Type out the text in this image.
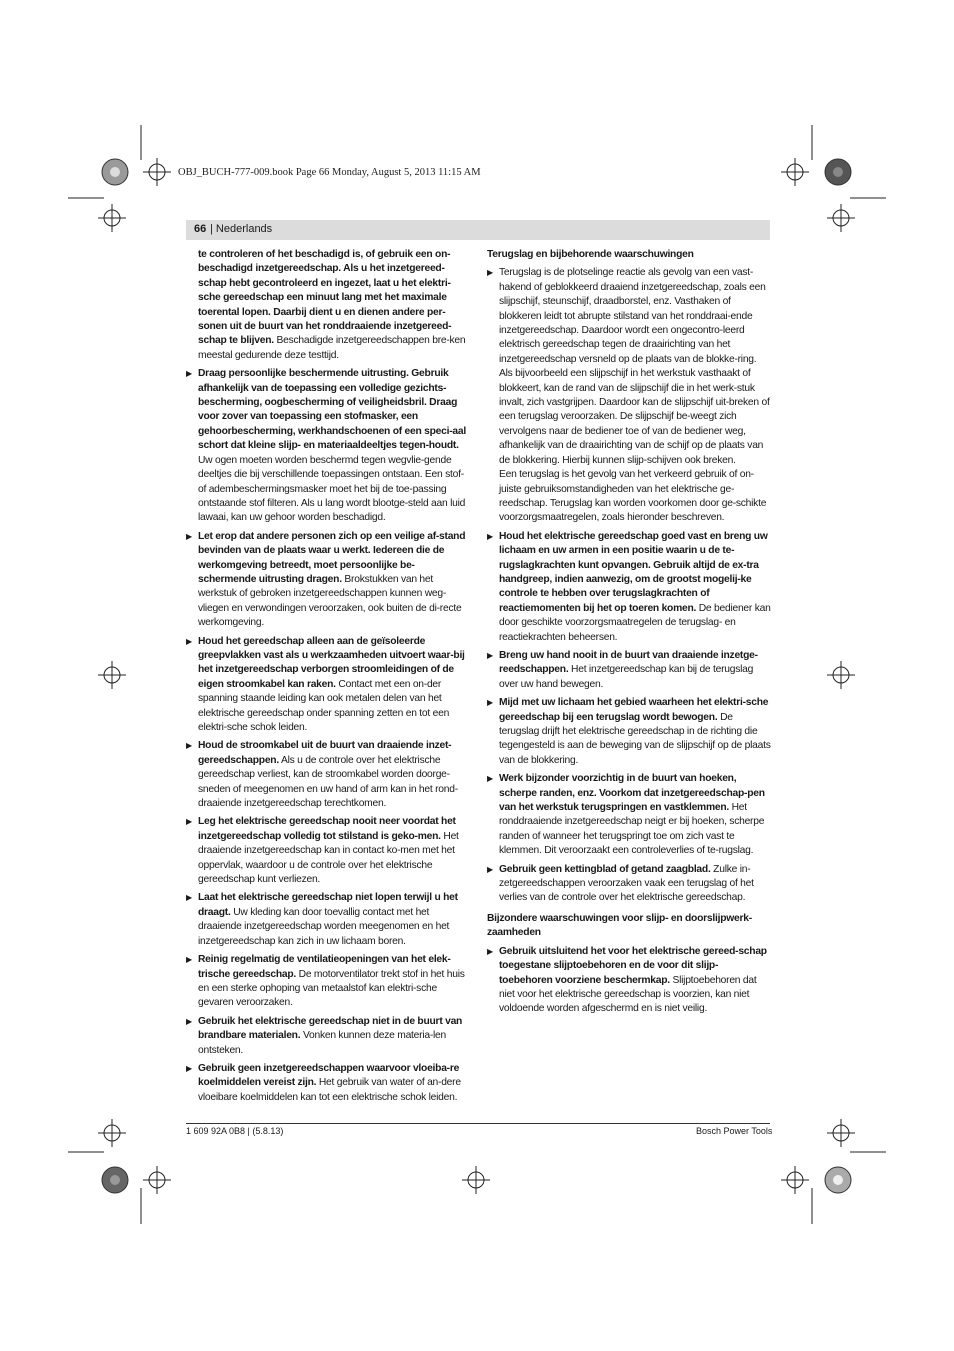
OBJ_BUCH-777-009.book Page 66 Monday, August 5, 2013 11:15 AM
66 | Nederlands
te controleren of het beschadigd is, of gebruik een on-beschadigd inzetgereedschap. Als u het inzetgereed-schap hebt gecontroleerd en ingezet, laat u het elektri-sche gereedschap een minuut lang met het maximale toerental lopen. Daarbij dient u en dienen andere per-sonen uit de buurt van het ronddraaiende inzetgereed-schap te blijven. Beschadigde inzetgereedschappen bre-ken meestal gedurende deze testtijd.
▶ Draag persoonlijke beschermende uitrusting. Gebruik afhankelijk van de toepassing een volledige gezichts-bescherming, oogbescherming of veiligheidsbril. Draag voor zover van toepassing een stofmasker, een gehoorbescherming, werkhandschoenen of een speci-aal schort dat kleine slijp- en materiaaldeeltjes tegen-houdt. Uw ogen moeten worden beschermd tegen wegvlie-gende deeltjes die bij verschillende toepassingen ontstaan. Een stof- of adembeschermingsmasker moet het bij de toe-passing ontstaande stof filteren. Als u lang wordt blootge-steld aan luid lawaai, kan uw gehoor worden beschadigd.
▶ Let erop dat andere personen zich op een veilige af-stand bevinden van de plaats waar u werkt. Iedereen die de werkomgeving betreedt, moet persoonlijke be-schermende uitrusting dragen. Brokstukken van het werkstuk of gebroken inzetgereedschappen kunnen weg-vliegen en verwondingen veroorzaken, ook buiten de di-recte werkomgeving.
▶ Houd het gereedschap alleen aan de geïsoleerde greepvlakken vast als u werkzaamheden uitvoert waar-bij het inzetgereedschap verborgen stroomleidingen of de eigen stroomkabel kan raken. Contact met een on-der spanning staande leiding kan ook metalen delen van het elektrische gereedschap onder spanning zetten en tot een elektri-sche schok leiden.
▶ Houd de stroomkabel uit de buurt van draaiende inzet-gereedschappen. Als u de controle over het elektrische gereedschap verliest, kan de stroomkabel worden doorge-sneden of meegenomen en uw hand of arm kan in het rond-draaiende inzetgereedschap terechtkomen.
▶ Leg het elektrische gereedschap nooit neer voordat het inzetgereedschap volledig tot stilstand is geko-men. Het draaiende inzetgereedschap kan in contact ko-men met het oppervlak, waardoor u de controle over het elektrische gereedschap kunt verliezen.
▶ Laat het elektrische gereedschap niet lopen terwijl u het draagt. Uw kleding kan door toevallig contact met het draaiende inzetgereedschap worden meegenomen en het inzetgereedschap kan zich in uw lichaam boren.
▶ Reinig regelmatig de ventilatieopeningen van het elek-trische gereedschap. De motorventilator trekt stof in het huis en een sterke ophoping van metaalstof kan elektri-sche gevaren veroorzaken.
▶ Gebruik het elektrische gereedschap niet in de buurt van brandbare materialen. Vonken kunnen deze materia-len ontsteken.
▶ Gebruik geen inzetgereedschappen waarvoor vloeiba-re koelmiddelen vereist zijn. Het gebruik van water of an-dere vloeibare koelmiddelen kan tot een elektrische schok leiden.
Terugslag en bijbehorende waarschuwingen
▶ Terugslag is de plotselinge reactie als gevolg van een vast-hakend of geblokkeerd draaiend inzetgereedschap, zoals een slijpschijf, steunschijf, draadborstel, enz. Vasthaken of blokkeren leidt tot abrupte stilstand van het ronddraai-ende inzetgereedschap. Daardoor wordt een ongecontro-leerd elektrisch gereedschap tegen de draairichting van het inzetgereedschap versneld op de plaats van de blokke-ring.

Als bijvoorbeeld een slijpschijf in het werkstuk vasthaakt of blokkeert, kan de rand van de slijpschijf die in het werk-stuk invalt, zich vastgrijpen. Daardoor kan de slijpschijf uit-breken of een terugslag veroorzaken. De slijpschijf be-weegt zich vervolgens naar de bediener toe of van de bediener weg, afhankelijk van de draairichting van de schijf op de plaats van de blokkering. Hierbij kunnen slijp-schijven ook breken.

Een terugslag is het gevolg van het verkeerd gebruik of on-juiste gebruiksomstandigheden van het elektrische ge-reedschap. Terugslag kan worden voorkomen door ge-schikte voorzorgsmaatregelen, zoals hieronder beschreven.

▶ Houd het elektrische gereedschap goed vast en breng uw lichaam en uw armen in een positie waarin u de te-rugslagkrachten kunt opvangen. Gebruik altijd de ex-tra handgreep, indien aanwezig, om de grootst mogelij-ke controle te hebben over terugslagkrachten of reactiemomenten bij het op toeren komen. De bediener kan door geschikte voorzorgsmaatregelen de terugslag- en reactiekrachten beheersen.
▶ Breng uw hand nooit in de buurt van draaiende inzetge-reedschappen. Het inzetgereedschap kan bij de terugslag over uw hand bewegen.
▶ Mijd met uw lichaam het gebied waarheen het elektri-sche gereedschap bij een terugslag wordt bewogen. De terugslag drijft het elektrische gereedschap in de richting die tegengesteld is aan de beweging van de slijpschijf op de plaats van de blokkering.
▶ Werk bijzonder voorzichtig in de buurt van hoeken, scherpe randen, enz. Voorkom dat inzetgereedschap-pen van het werkstuk terugspringen en vastklemmen. Het ronddraaiende inzetgereedschap neigt er bij hoeken, scherpe randen of wanneer het terugspringt toe om zich vast te klemmen. Dit veroorzaakt een controleverlies of te-rugslag.
▶ Gebruik geen kettingblad of getand zaagblad. Zulke in-zetgereedschappen veroorzaken vaak een terugslag of het verlies van de controle over het elektrische gereedschap.
Bijzondere waarschuwingen voor slijp- en doorslijpwerk-zaamheden
▶ Gebruik uitsluitend het voor het elektrische gereed-schap toegestane slijptoebehoren en de voor dit slijp-toebehoren voorziene beschermkap. Slijptoebehoren dat niet voor het elektrische gereedschap is voorzien, kan niet voldoende worden afgeschermd en is niet veilig.
1 609 92A 0B8 | (5.8.13)	Bosch Power Tools
